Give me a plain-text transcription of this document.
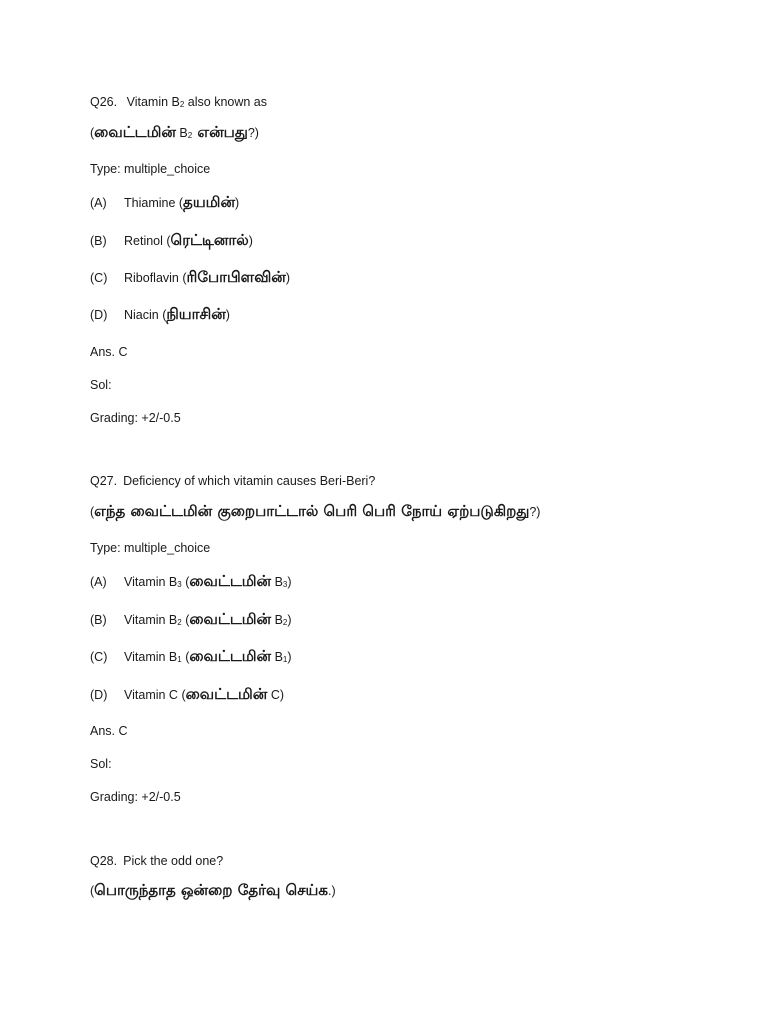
Q26. Vitamin B2 also known as
(வைட்டமின் B2 என்பது?)
Type: multiple_choice
(A) Thiamine (தயமின்)
(B) Retinol (ரெட்டினால்)
(C) Riboflavin (ரிபோபிளவின்)
(D) Niacin (நியாசின்)
Ans. C
Sol:
Grading: +2/-0.5
Q27. Deficiency of which vitamin causes Beri-Beri?
(எந்த வைட்டமின் குறைபாட்டால் பெரி பெரி நோய் ஏற்படுகிறது?)
Type: multiple_choice
(A) Vitamin B3 (வைட்டமின் B3)
(B) Vitamin B2 (வைட்டமின் B2)
(C) Vitamin B1 (வைட்டமின் B1)
(D) Vitamin C (வைட்டமின் C)
Ans. C
Sol:
Grading: +2/-0.5
Q28. Pick the odd one?
(பொருந்தாத ஒன்றை தேர்வு செய்க.)
